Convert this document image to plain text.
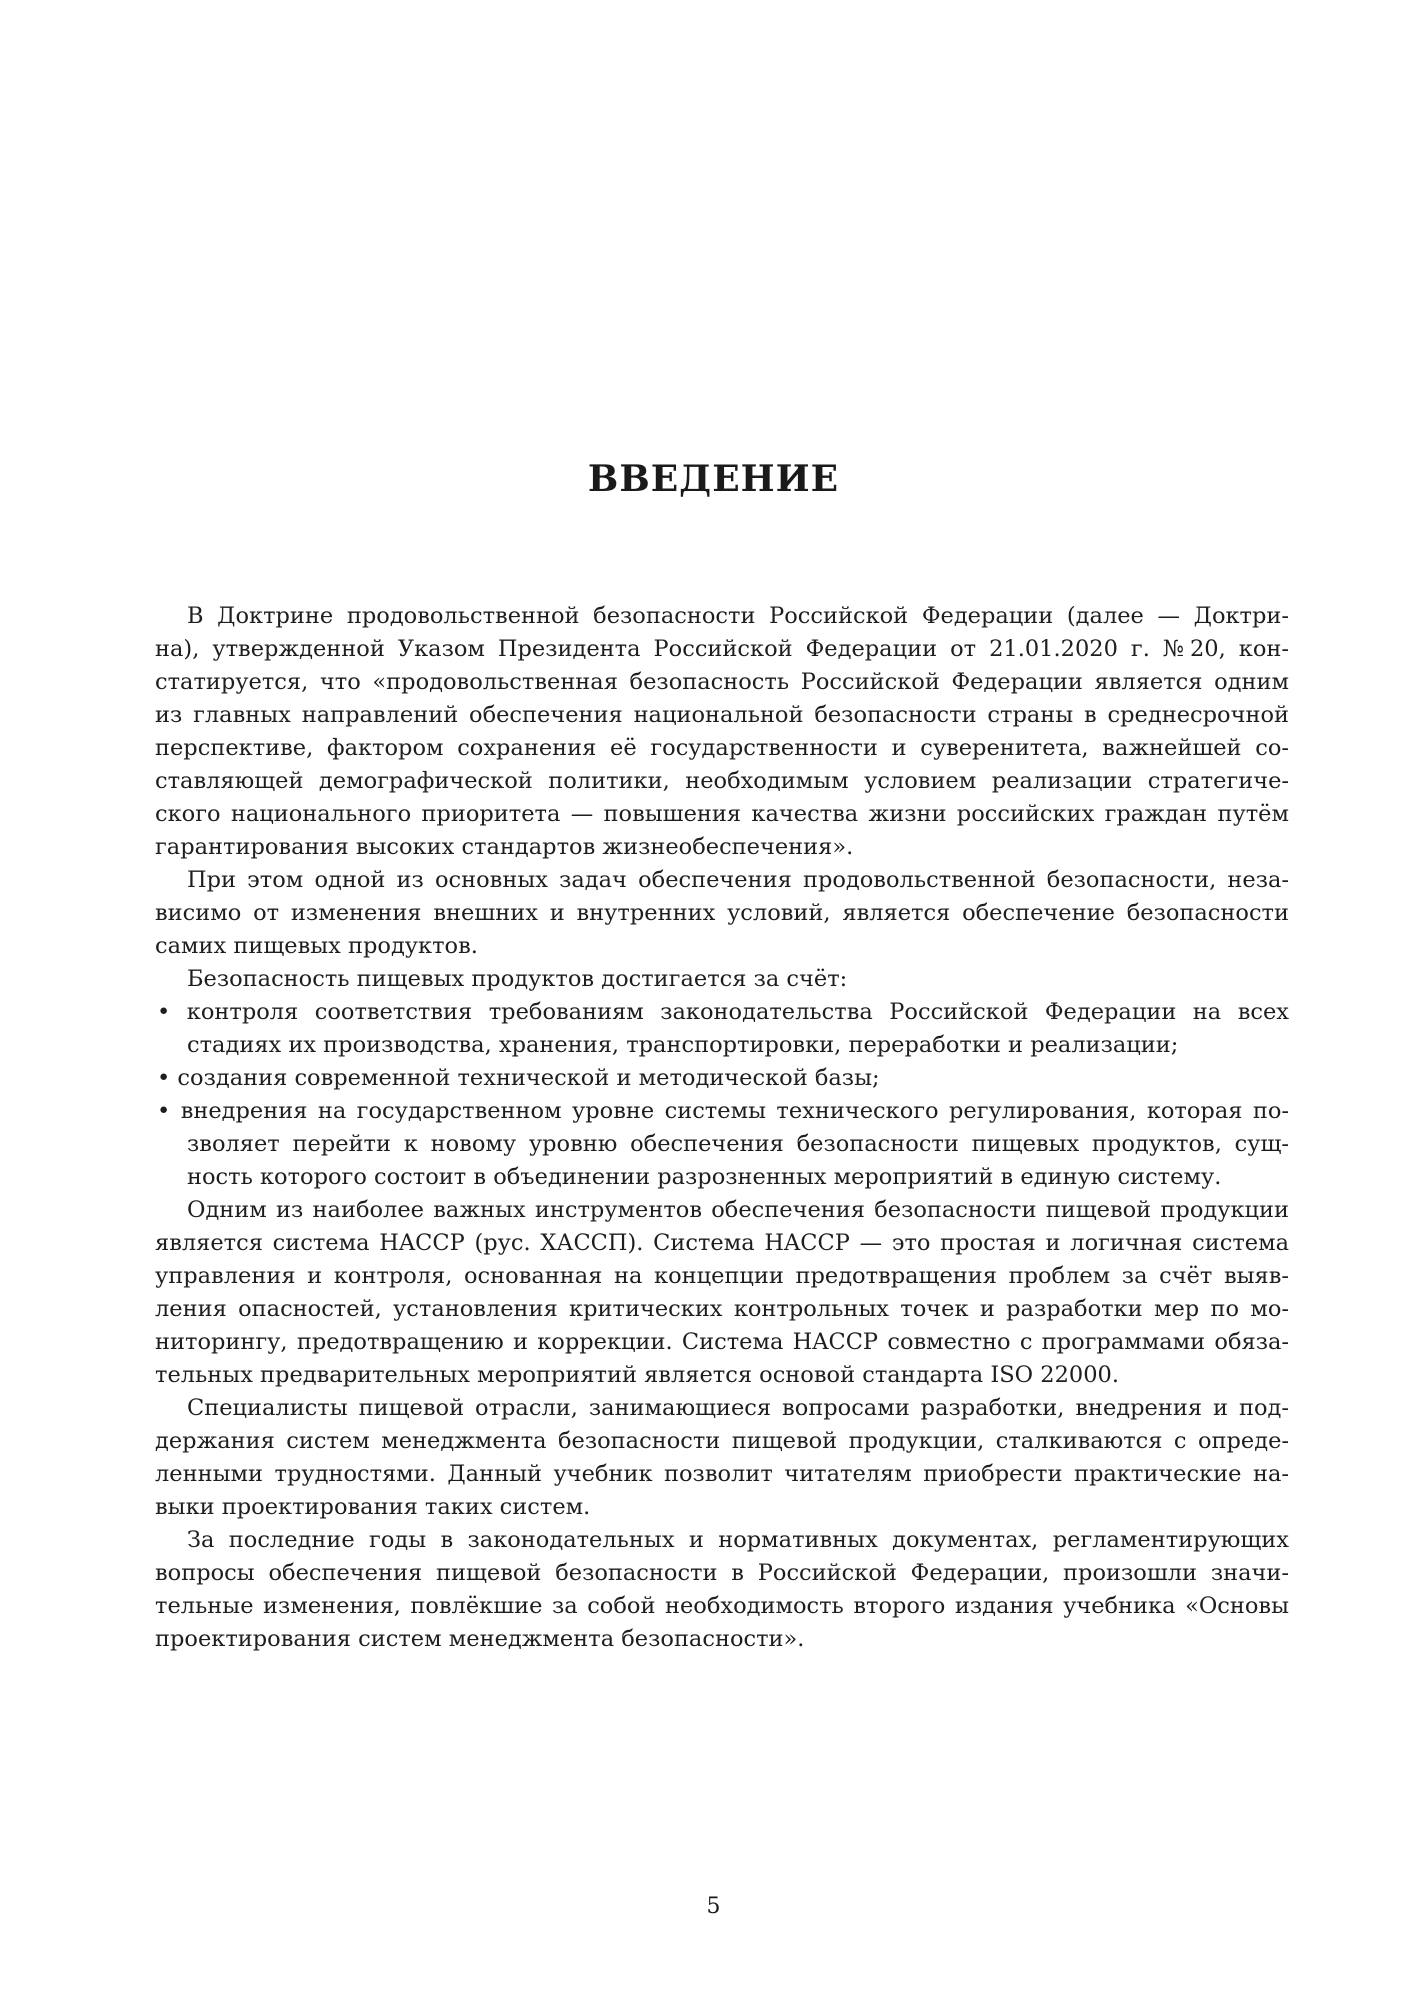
ВВЕДЕНИЕ
В Доктрине продовольственной безопасности Российской Федерации (далее — Доктри-
на), утвержденной Указом Президента Российской Федерации от 21.01.2020 г. №20, кон-
статируется, что «продовольственная безопасность Российской Федерации является одним
из главных направлений обеспечения национальной безопасности страны в среднесрочной
перспективе, фактором сохранения её государственности и суверенитета, важнейшей со-
ставляющей демографической политики, необходимым условием реализации стратегиче-
ского национального приоритета — повышения качества жизни российских граждан путём
гарантирования высоких стандартов жизнеобеспечения».
При этом одной из основных задач обеспечения продовольственной безопасности, неза-
висимо от изменения внешних и внутренних условий, является обеспечение безопасности
самих пищевых продуктов.
Безопасность пищевых продуктов достигается за счёт:
• контроля соответствия требованиям законодательства Российской Федерации на всех
стадиях их производства, хранения, транспортировки, переработки и реализации;
• создания современной технической и методической базы;
• внедрения на государственном уровне системы технического регулирования, которая по-
зволяет перейти к новому уровню обеспечения безопасности пищевых продуктов, сущ-
ность которого состоит в объединении разрозненных мероприятий в единую систему.
Одним из наиболее важных инструментов обеспечения безопасности пищевой продукции
является система HACCP (рус. ХАССП). Система HACCP — это простая и логичная система
управления и контроля, основанная на концепции предотвращения проблем за счёт выяв-
ления опасностей, установления критических контрольных точек и разработки мер по мо-
ниторингу, предотвращению и коррекции. Система HACCP совместно с программами обяза-
тельных предварительных мероприятий является основой стандарта ISO 22000.
Специалисты пищевой отрасли, занимающиеся вопросами разработки, внедрения и под-
держания систем менеджмента безопасности пищевой продукции, сталкиваются с опреде-
ленными трудностями. Данный учебник позволит читателям приобрести практические на-
выки проектирования таких систем.
За последние годы в законодательных и нормативных документах, регламентирующих
вопросы обеспечения пищевой безопасности в Российской Федерации, произошли значи-
тельные изменения, повлёкшие за собой необходимость второго издания учебника «Основы
проектирования систем менеджмента безопасности».
5
